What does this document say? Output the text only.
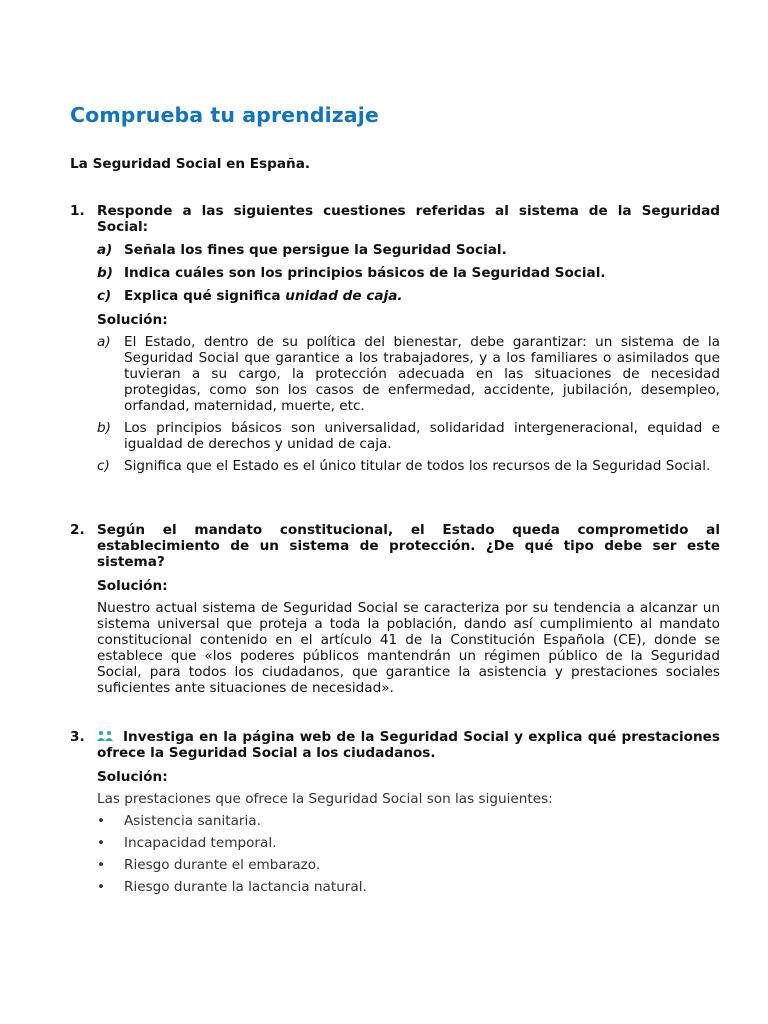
Comprueba tu aprendizaje

La Seguridad Social en España.

1. Responde a las siguientes cuestiones referidas al sistema de la Seguridad Social:
a) Señala los fines que persigue la Seguridad Social.
b) Indica cuáles son los principios básicos de la Seguridad Social.
c) Explica qué significa unidad de caja.
Solución:
a) El Estado, dentro de su política del bienestar, debe garantizar: un sistema de la Seguridad Social que garantice a los trabajadores, y a los familiares o asimilados que tuvieran a su cargo, la protección adecuada en las situaciones de necesidad protegidas, como son los casos de enfermedad, accidente, jubilación, desempleo, orfandad, maternidad, muerte, etc.
b) Los principios básicos son universalidad, solidaridad intergeneracional, equidad e igualdad de derechos y unidad de caja.
c)	Significa que el Estado es el único titular de todos los recursos de la Seguridad Social.
2. Según el mandato constitucional, el Estado queda comprometido al establecimiento de un sistema de protección. ¿De qué tipo debe ser este sistema?
Solución:
Nuestro actual sistema de Seguridad Social se caracteriza por su tendencia a alcanzar un sistema universal que proteja a toda la población, dando así cumplimiento al mandato constitucional contenido en el artículo 41 de la Constitución Española (CE), donde se establece que «los poderes públicos mantendrán un régimen público de la Seguridad Social, para todos los ciudadanos, que garantice la asistencia y prestaciones sociales suficientes ante situaciones de necesidad».
3.	Investiga en la página web de la Seguridad Social y explica qué prestaciones ofrece la Seguridad Social a los ciudadanos.
Solución:
Las prestaciones que ofrece la Seguridad Social son las siguientes:
•	Asistencia sanitaria.
•	Incapacidad temporal.
•	Riesgo durante el embarazo.
•	Riesgo durante la lactancia natural.
